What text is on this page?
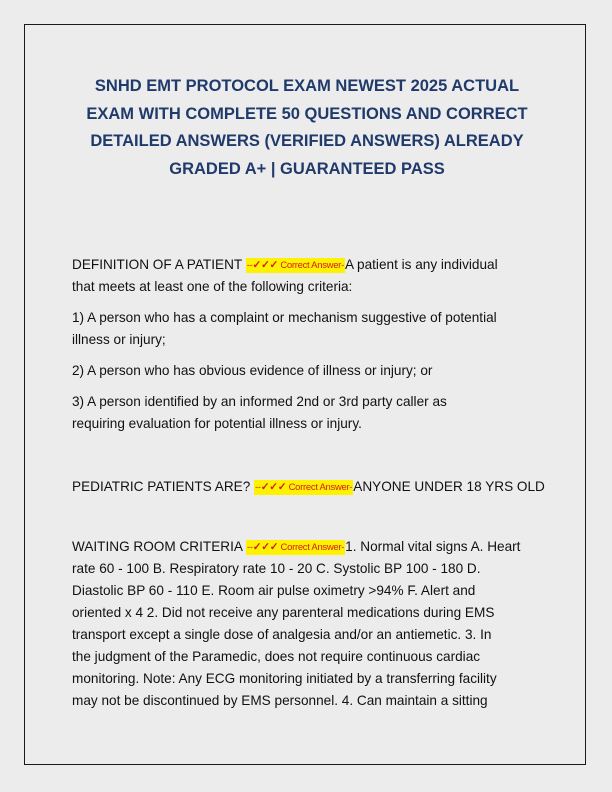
SNHD EMT PROTOCOL EXAM NEWEST 2025 ACTUAL
EXAM WITH COMPLETE 50 QUESTIONS AND CORRECT
DETAILED ANSWERS (VERIFIED ANSWERS) ALREADY
GRADED A+ | GUARANTEED PASS
DEFINITION OF A PATIENT --✓✓✓ Correct Answer-A patient is any individual
that meets at least one of the following criteria:
1) A person who has a complaint or mechanism suggestive of potential
illness or injury;
2) A person who has obvious evidence of illness or injury; or
3) A person identified by an informed 2nd or 3rd party caller as
requiring evaluation for potential illness or injury.
PEDIATRIC PATIENTS ARE? --✓✓✓ Correct Answer-ANYONE UNDER 18 YRS OLD
WAITING ROOM CRITERIA --✓✓✓ Correct Answer-1. Normal vital signs A. Heart
rate 60 - 100 B. Respiratory rate 10 - 20 C. Systolic BP 100 - 180 D.
Diastolic BP 60 - 110 E. Room air pulse oximetry >94% F. Alert and
oriented x 4 2. Did not receive any parenteral medications during EMS
transport except a single dose of analgesia and/or an antiemetic. 3. In
the judgment of the Paramedic, does not require continuous cardiac
monitoring. Note: Any ECG monitoring initiated by a transferring facility
may not be discontinued by EMS personnel. 4. Can maintain a sitting
